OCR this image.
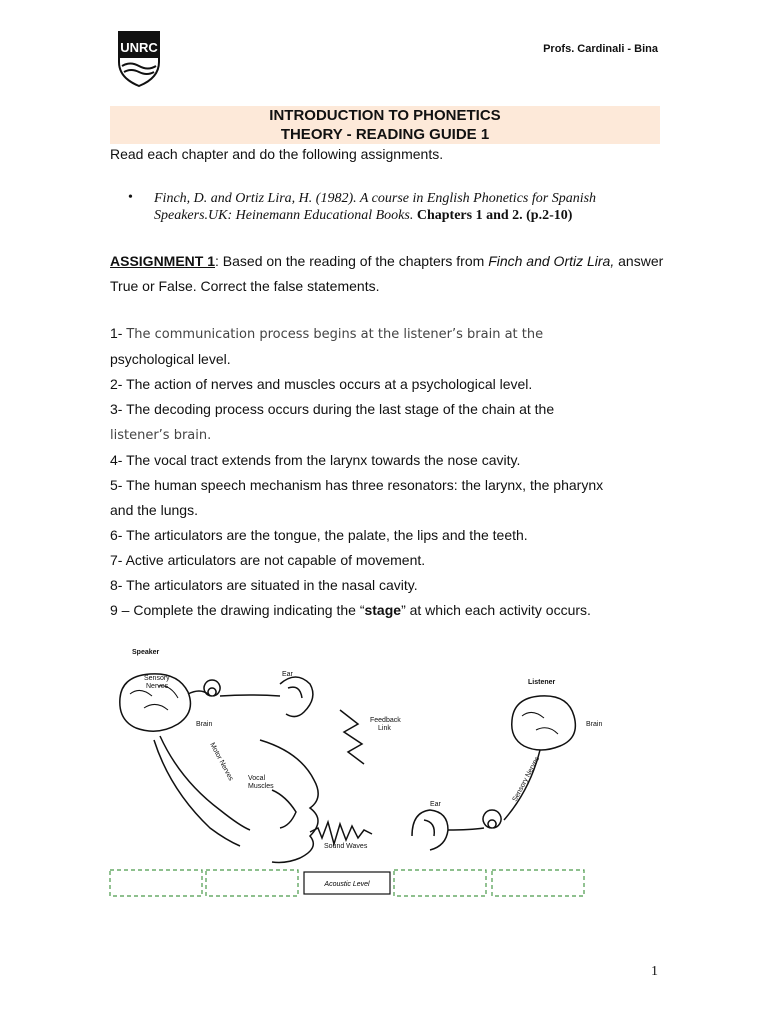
UNRC	Profs. Cardinali - Bina
INTRODUCTION TO PHONETICS
THEORY - READING GUIDE 1
Read each chapter and do the following assignments.
•	Finch, D. and Ortiz Lira, H. (1982). A course in English Phonetics for Spanish Speakers.UK: Heinemann Educational Books. Chapters 1 and 2. (p.2-10)
ASSIGNMENT 1: Based on the reading of the chapters from Finch and Ortiz Lira, answer True or False. Correct the false statements.
1- The communication process begins at the listener’s brain at the
psychological level.
2- The action of nerves and muscles occurs at a psychological level.
3- The decoding process occurs during the last stage of the chain at the
listener’s brain.
4- The vocal tract extends from the larynx towards the nose cavity.
5- The human speech mechanism has three resonators: the larynx, the pharynx
and the lungs.
6- The articulators are the tongue, the palate, the lips and the teeth.
7- Active articulators are not capable of movement.
8- The articulators are situated in the nasal cavity.
9 – Complete the drawing indicating the “stage” at which each activity occurs.
Speaker
Listener
Sensory
Nerves
Ear
Brain
Feedback
Link
Motor Nerves Vocal
Muscles
Brain
Sensory Nerves
Ear
Sound Waves
Acoustic Level
1
